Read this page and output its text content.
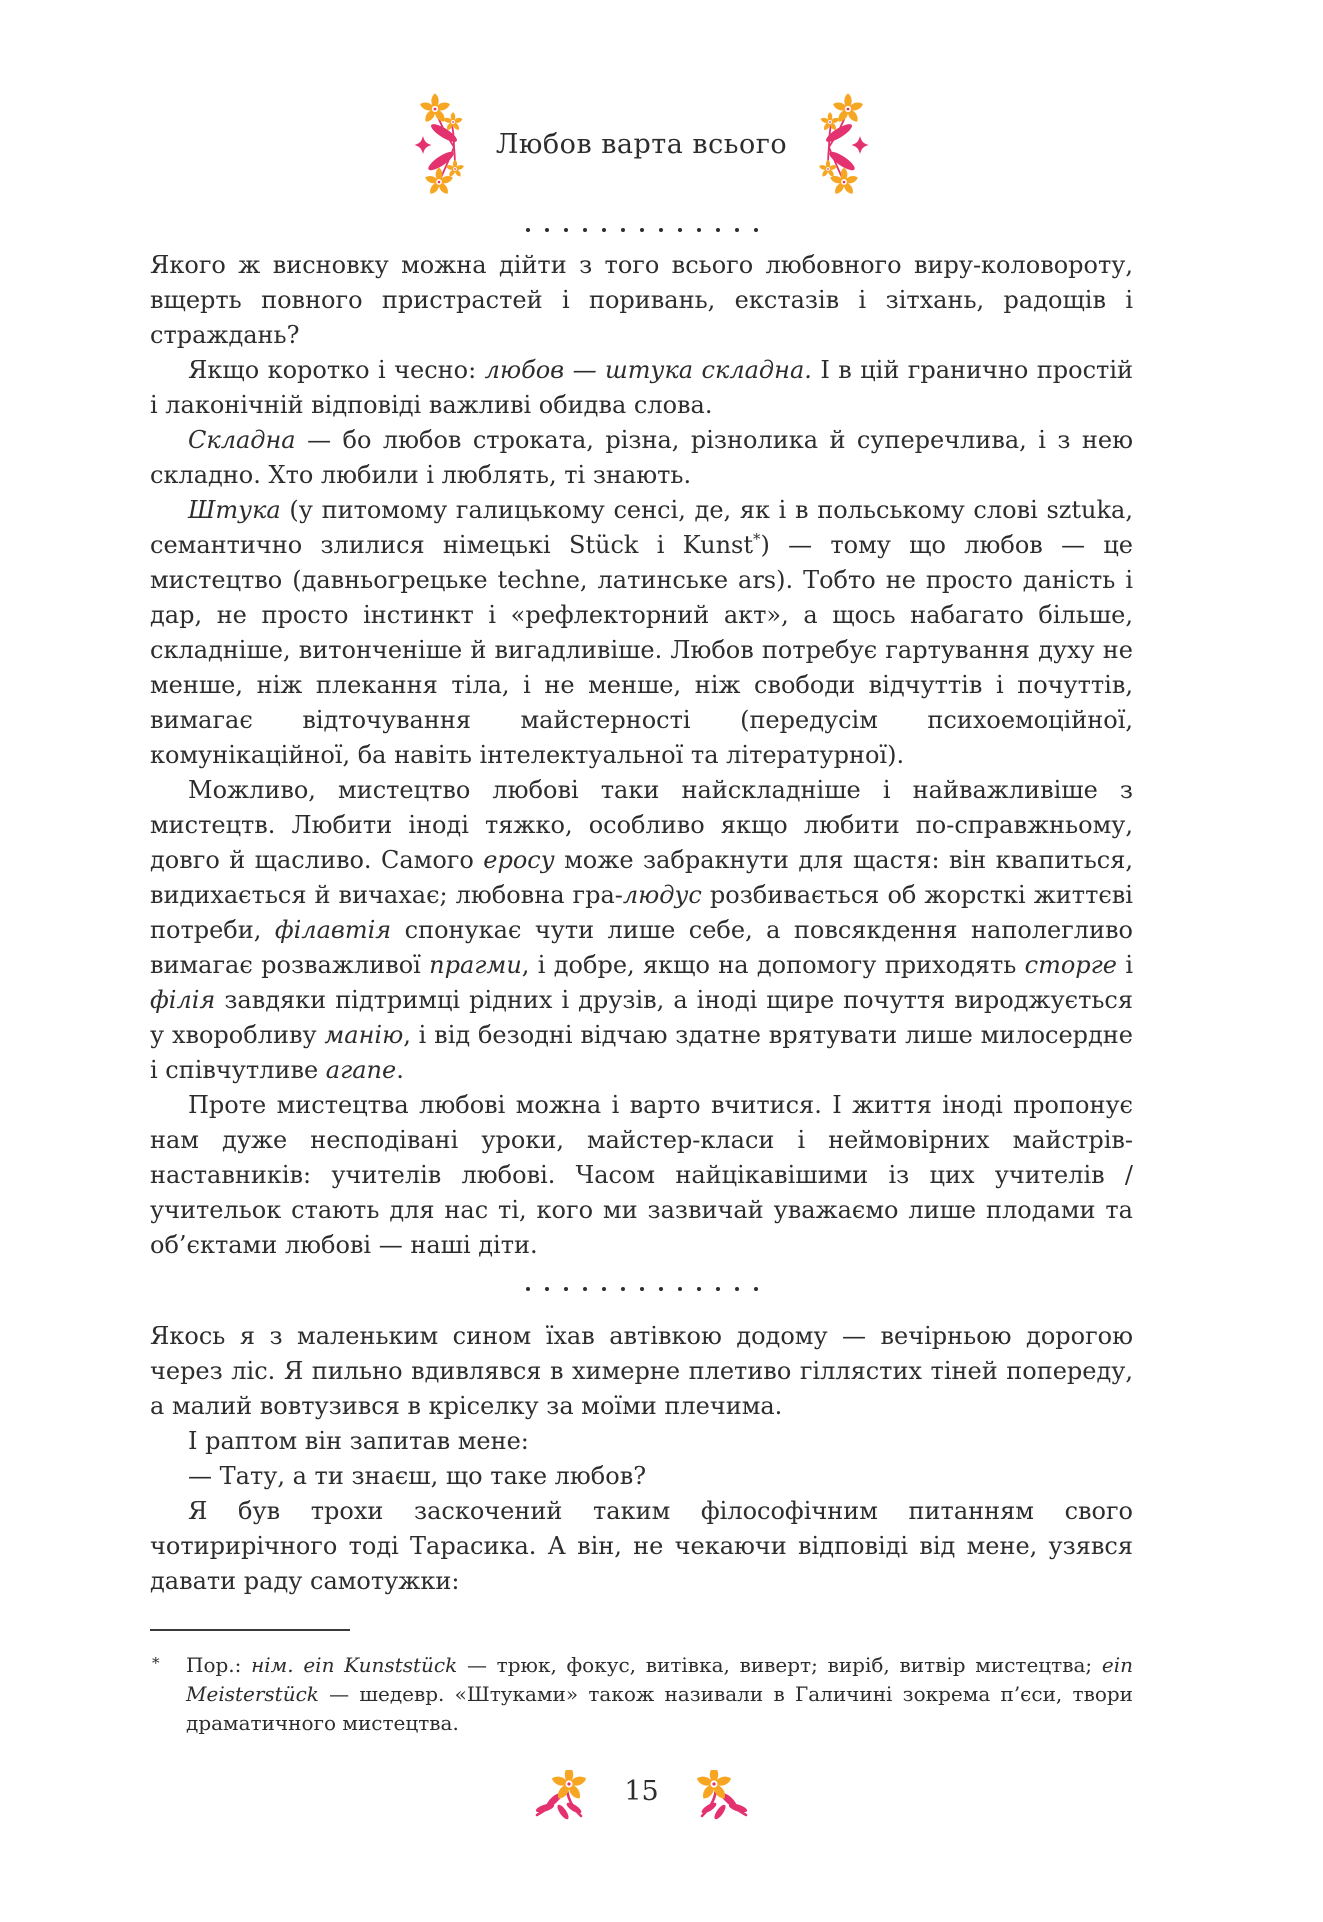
Любов варта всього

Якого ж висновку можна дійти з того всього любовного виру-коловороту, вщерть повного пристрастей і поривань, екстазів і зітхань, радощів і страждань?

Якщо коротко і чесно: любов — штука складна. І в цій гранично простій і лаконічній відповіді важливі обидва слова.

Складна — бо любов строката, різна, різнолика й суперечлива, і з нею складно. Хто любили і люблять, ті знають.

Штука (у питомому галицькому сенсі, де, як і в польському слові sztuka, семантично злилися німецькі Stück і Kunst*) — тому що любов — це мистецтво (давньогрецьке techne, латинське ars). Тобто не просто даність і дар, не просто інстинкт і «рефлекторний акт», а щось набагато більше, складніше, витонченіше й вигадливіше. Любов потребує гартування духу не менше, ніж плекання тіла, і не менше, ніж свободи відчуттів і почуттів, вимагає відточування майстерності (передусім психоемоційної, комунікаційної, ба навіть інтелектуальної та літературної).

Можливо, мистецтво любові таки найскладніше і найважливіше з мистецтв. Любити іноді тяжко, особливо якщо любити по-справжньому, довго й щасливо. Самого еросу може забракнути для щастя: він квапиться, видихається й вичахає; любовна гра-людус розбивається об жорсткі життєві потреби, філавтія спонукає чути лише себе, а повсякдення наполегливо вимагає розважливої прагми, і добре, якщо на допомогу приходять сторге і філія завдяки підтримці рідних і друзів, а іноді щире почуття вироджується у хворобливу манію, і від безодні відчаю здатне врятувати лише милосердне і співчутливе агапе.

Проте мистецтва любові можна і варто вчитися. І життя іноді пропонує нам дуже несподівані уроки, майстер-класи і неймовірних майстрів-наставників: учителів любові. Часом найцікавішими із цих учителів / учительок стають для нас ті, кого ми зазвичай уважаємо лише плодами та об’єктами любові — наші діти.

Якось я з маленьким сином їхав автівкою додому — вечірньою дорогою через ліс. Я пильно вдивлявся в химерне плетиво гіллястих тіней попереду, а малий вовтузився в кріселку за моїми плечима.

І раптом він запитав мене:

— Тату, а ти знаєш, що таке любов?

Я був трохи заскочений таким філософічним питанням свого чотирирічного тоді Тарасика. А він, не чекаючи відповіді від мене, узявся давати раду самотужки:

* Пор.: нім. ein Kunststück — трюк, фокус, витівка, виверт; виріб, витвір мистецтва; ein Meisterstück — шедевр. «Штуками» також називали в Галичині зокрема п’єси, твори драматичного мистецтва.
15
